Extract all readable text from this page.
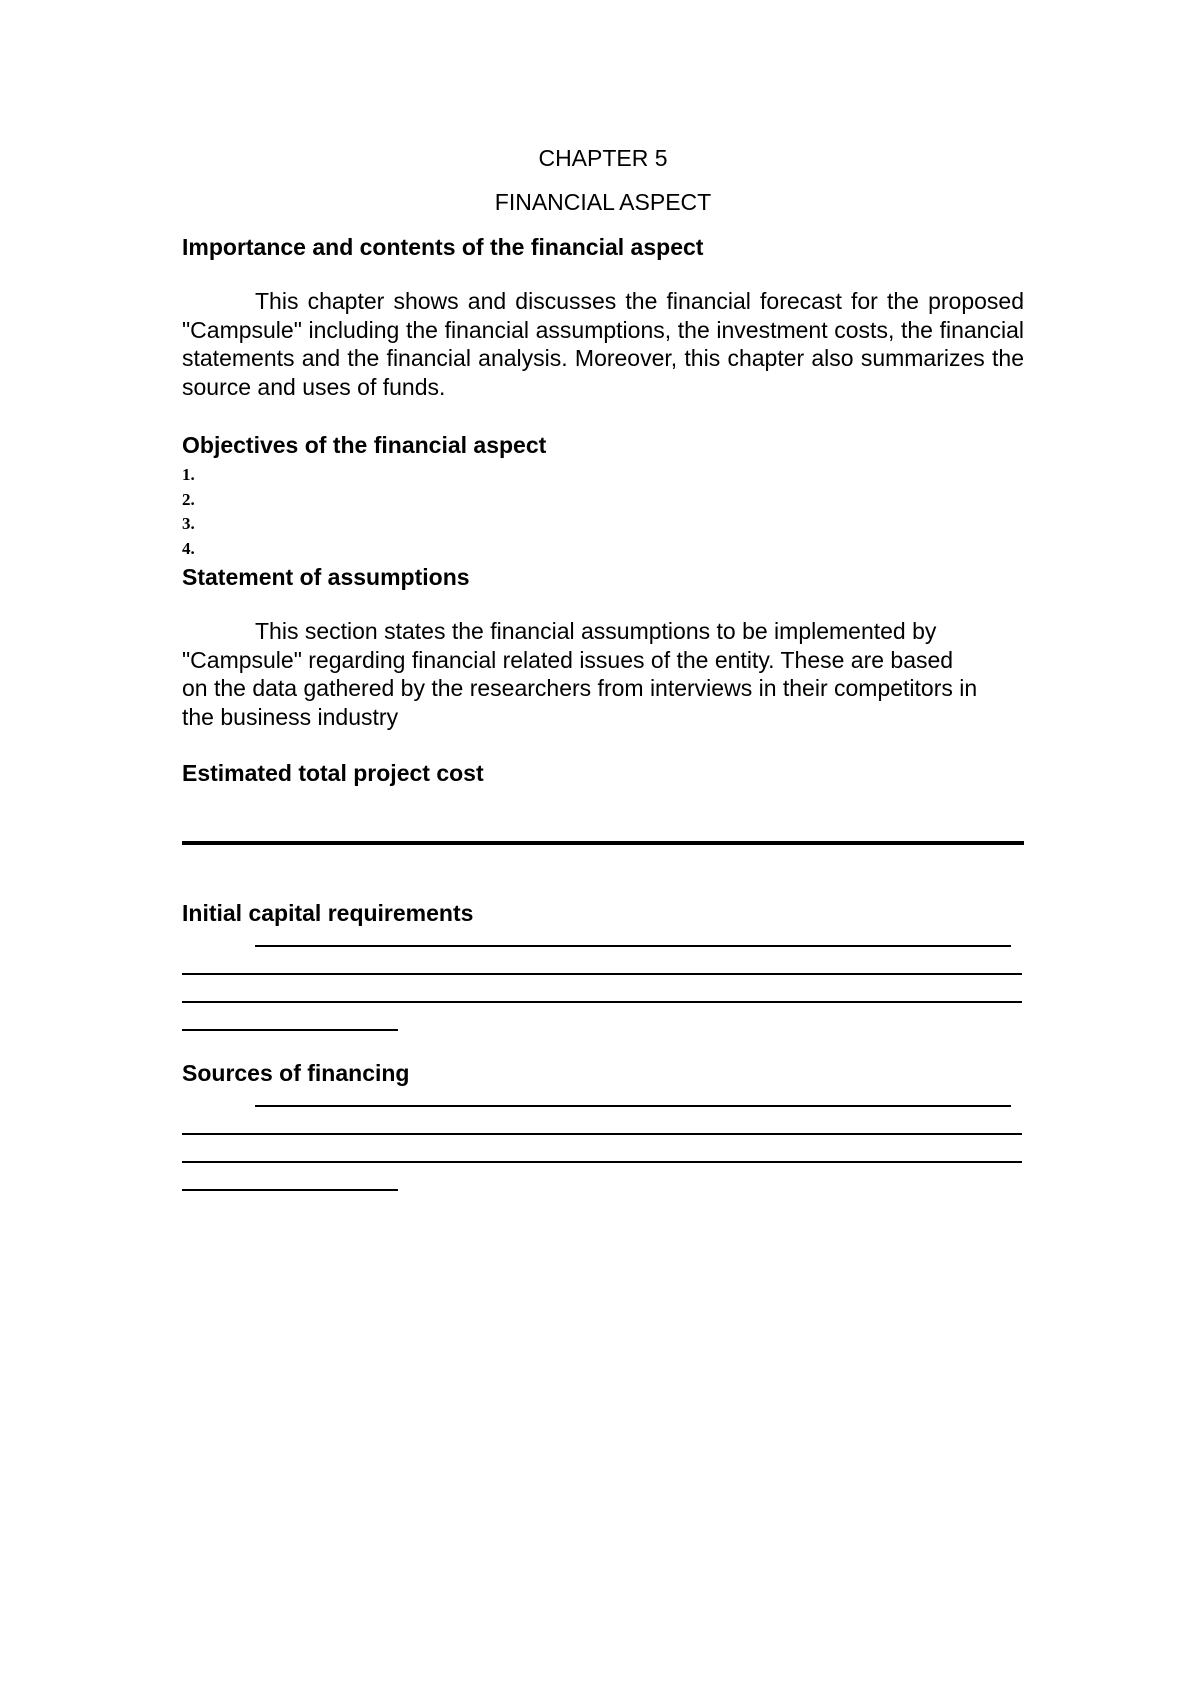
CHAPTER 5

FINANCIAL ASPECT

Importance and contents of the financial aspect

This chapter shows and discusses the financial forecast for the proposed "Campsule" including the financial assumptions, the investment costs, the financial statements and the financial analysis. Moreover, this chapter also summarizes the source and uses of funds.

Objectives of the financial aspect
1.
2.
3.
4.
Statement of assumptions

This section states the financial assumptions to be implemented by

"Campsule" regarding financial related issues of the entity. These are based

on the data gathered by the researchers from interviews in their competitors in

the business industry

Estimated total project cost
Initial capital requirements
Sources of financing
